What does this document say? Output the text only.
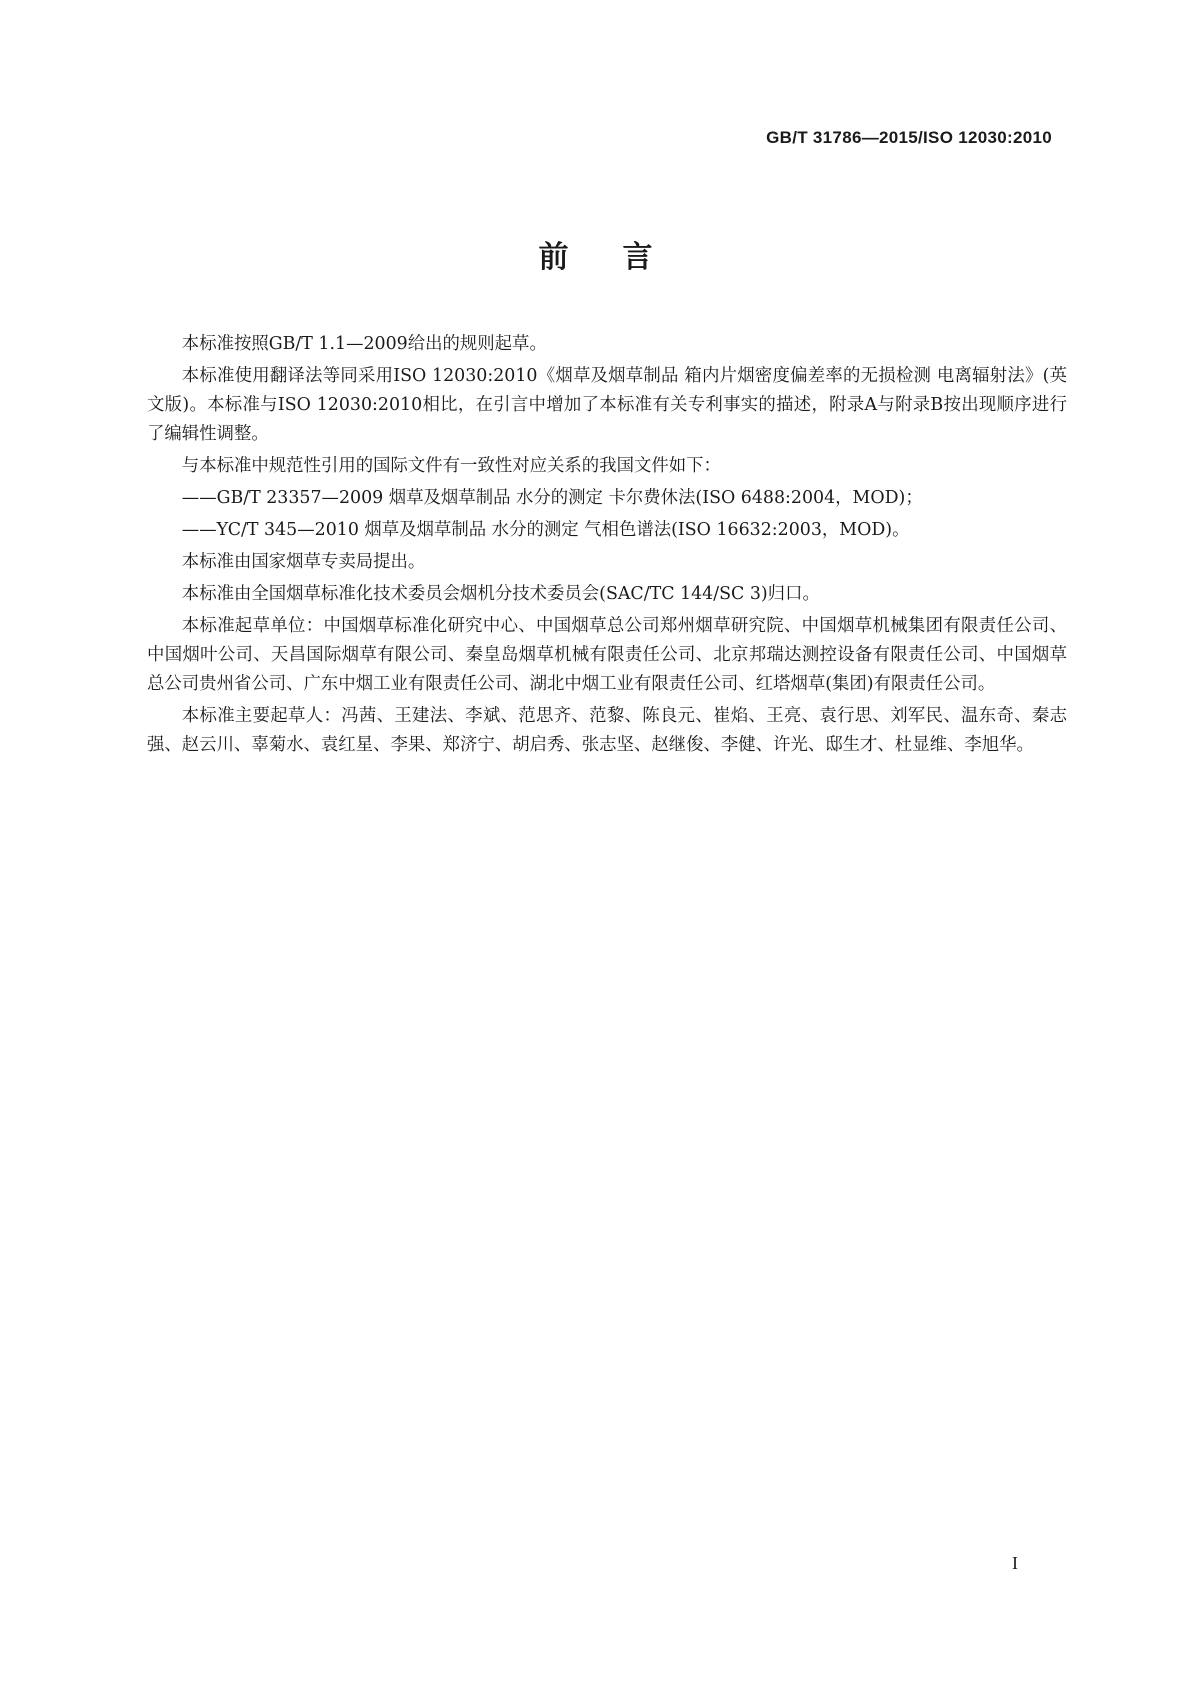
GB/T 31786—2015/ISO 12030:2010
前言

本标准按照GB/T 1.1—2009给出的规则起草。

本标准使用翻译法等同采用ISO 12030:2010《烟草及烟草制品 箱内片烟密度偏差率的无损检测 电离辐射法》(英文版)。本标准与ISO 12030:2010相比，在引言中增加了本标准有关专利事实的描述，附录A与附录B按出现顺序进行了编辑性调整。

与本标准中规范性引用的国际文件有一致性对应关系的我国文件如下：

——GB/T 23357—2009 烟草及烟草制品 水分的测定 卡尔费休法(ISO 6488:2004，MOD)；

——YC/T 345—2010 烟草及烟草制品 水分的测定 气相色谱法(ISO 16632:2003，MOD)。

本标准由国家烟草专卖局提出。

本标准由全国烟草标准化技术委员会烟机分技术委员会(SAC/TC 144/SC 3)归口。

本标准起草单位：中国烟草标准化研究中心、中国烟草总公司郑州烟草研究院、中国烟草机械集团有限责任公司、中国烟叶公司、天昌国际烟草有限公司、秦皇岛烟草机械有限责任公司、北京邦瑞达测控设备有限责任公司、中国烟草总公司贵州省公司、广东中烟工业有限责任公司、湖北中烟工业有限责任公司、红塔烟草(集团)有限责任公司。

本标准主要起草人：冯茜、王建法、李斌、范思齐、范黎、陈良元、崔焰、王亮、袁行思、刘军民、温东奇、秦志强、赵云川、辜菊水、袁红星、李果、郑济宁、胡启秀、张志坚、赵继俊、李健、许光、邸生才、杜显维、李旭华。

I
